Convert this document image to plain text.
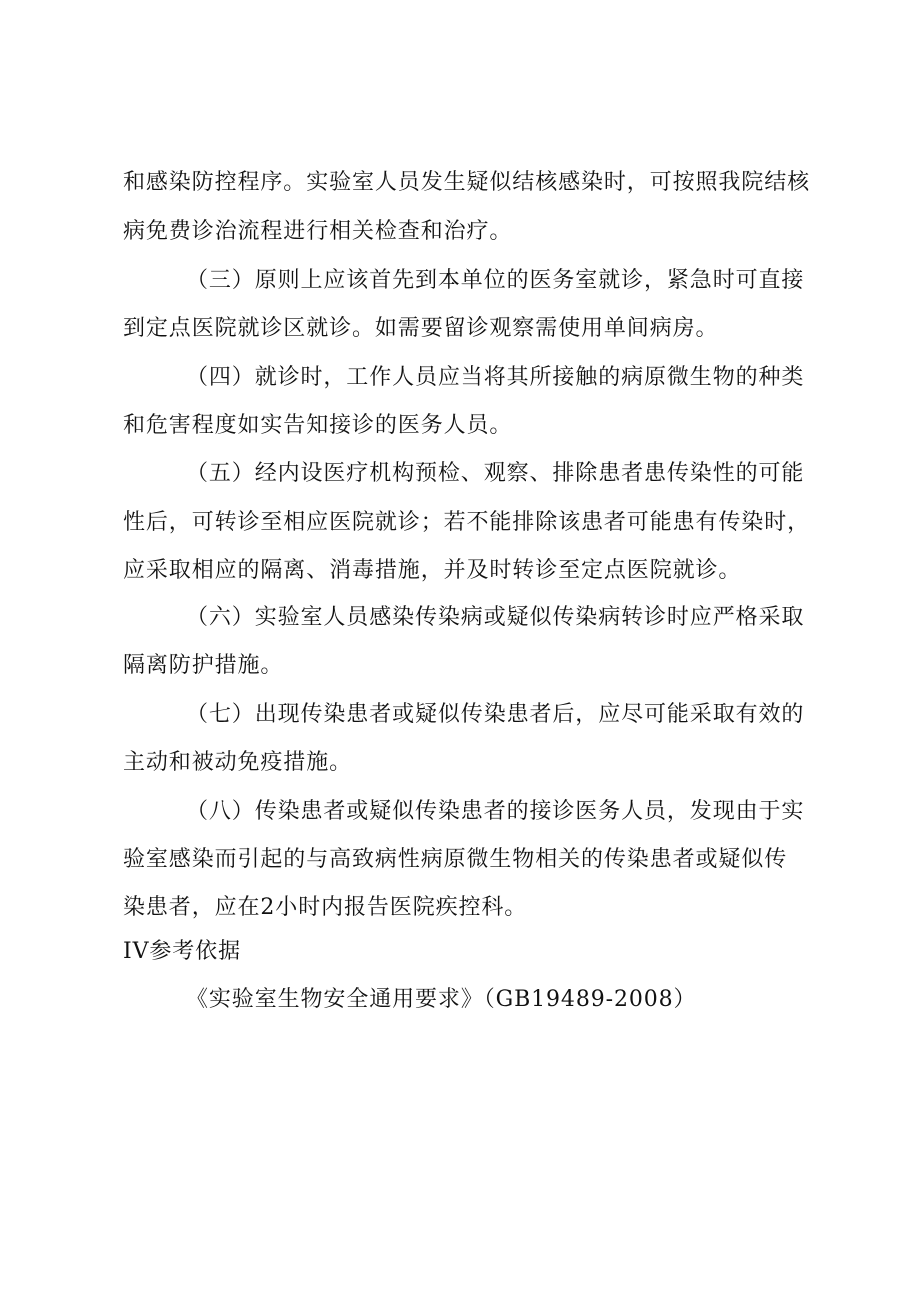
和感染防控程序。实验室人员发生疑似结核感染时，可按照我院结核
病免费诊治流程进行相关检查和治疗。
（三）原则上应该首先到本单位的医务室就诊，紧急时可直接
到定点医院就诊区就诊。如需要留诊观察需使用单间病房。
（四）就诊时，工作人员应当将其所接触的病原微生物的种类
和危害程度如实告知接诊的医务人员。
（五）经内设医疗机构预检、观察、排除患者患传染性的可能
性后，可转诊至相应医院就诊；若不能排除该患者可能患有传染时，
应采取相应的隔离、消毒措施，并及时转诊至定点医院就诊。
（六）实验室人员感染传染病或疑似传染病转诊时应严格采取
隔离防护措施。
（七）出现传染患者或疑似传染患者后，应尽可能采取有效的
主动和被动免疫措施。
（八）传染患者或疑似传染患者的接诊医务人员，发现由于实
验室感染而引起的与高致病性病原微生物相关的传染患者或疑似传
染患者，应在2小时内报告医院疾控科。
IV参考依据
《实验室生物安全通用要求》（GB19489-2008）
